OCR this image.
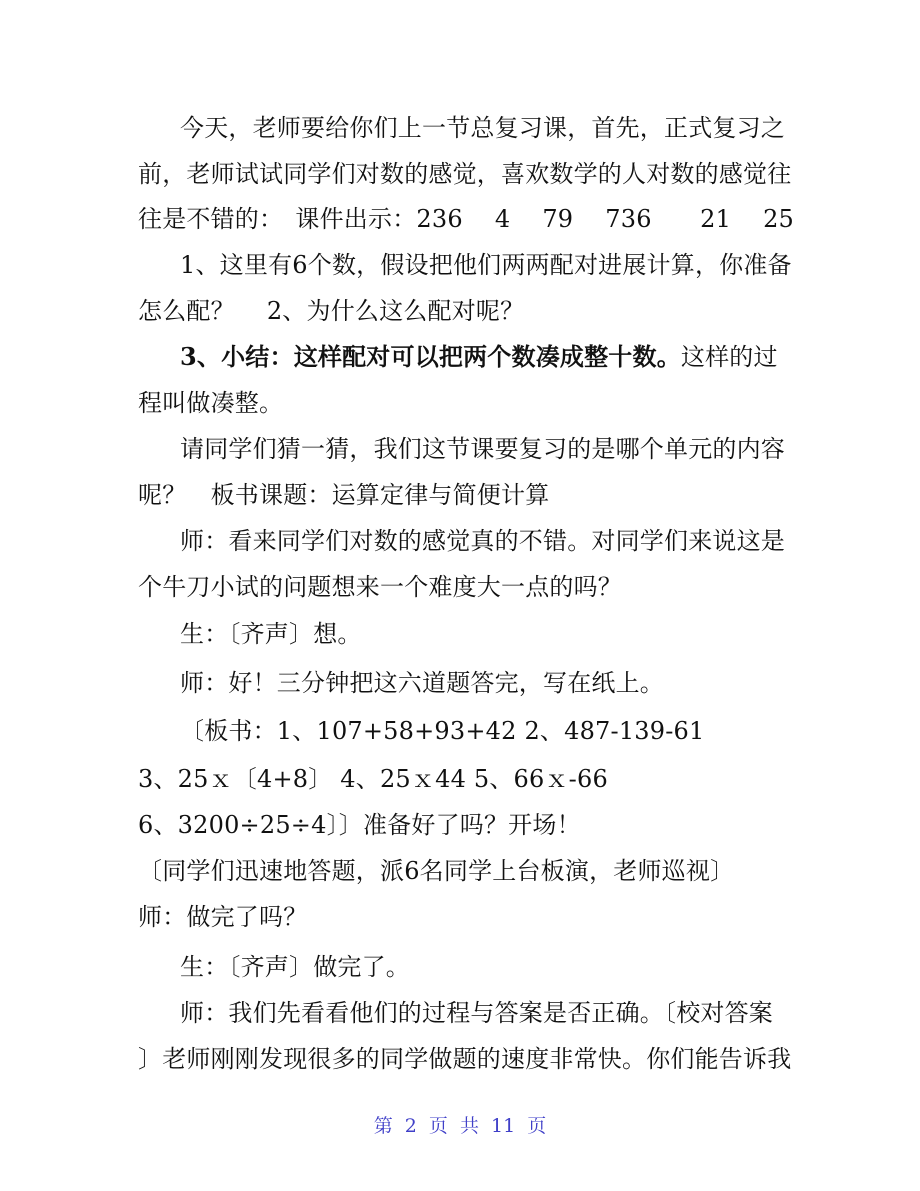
今天，老师要给你们上一节总复习课，首先，正式复习之
前，老师试试同学们对数的感觉，喜欢数学的人对数的感觉往
往是不错的：　课件出示：236　 4　 79　 736　　21　 25
1、这里有6个数，假设把他们两两配对进展计算，你准备
怎么配？　 2、为什么这么配对呢？
3、小结：这样配对可以把两个数凑成整十数。这样的过
程叫做凑整。
请同学们猜一猜，我们这节课要复习的是哪个单元的内容
呢？　板书课题：运算定律与简便计算
师：看来同学们对数的感觉真的不错。对同学们来说这是
个牛刀小试的问题想来一个难度大一点的吗？
生：〔齐声〕想。
师：好！三分钟把这六道题答完，写在纸上。
〔板书：1、107+58+93+42 2、487-139-61
3、25ｘ〔4+8〕 4、25ｘ44 5、66ｘ-66
6、3200÷25÷4〕〕准备好了吗？开场！
〔同学们迅速地答题，派6名同学上台板演，老师巡视〕
师：做完了吗？
生：〔齐声〕做完了。
师：我们先看看他们的过程与答案是否正确。〔校对答案
〕老师刚刚发现很多的同学做题的速度非常快。你们能告诉我
第 2 页 共 11 页
